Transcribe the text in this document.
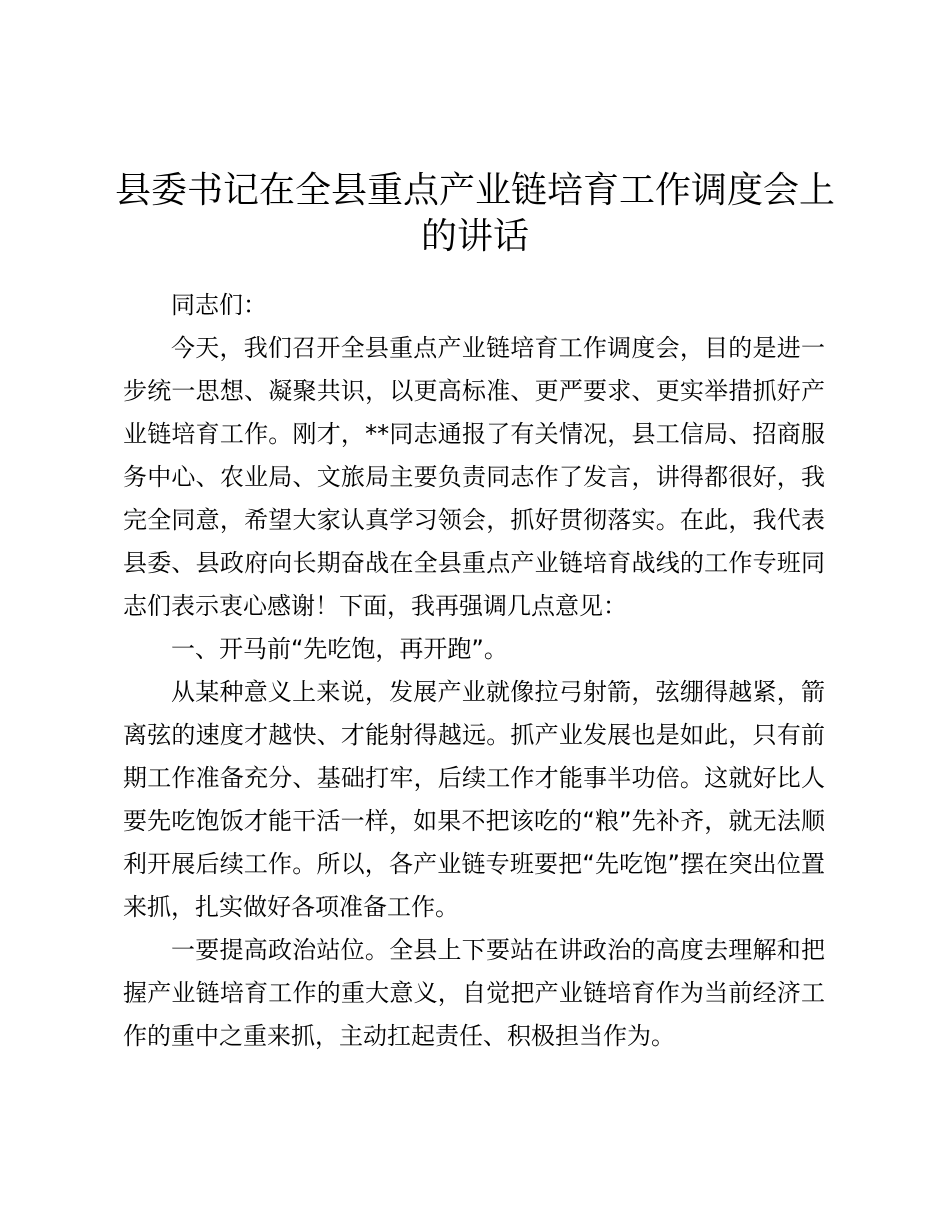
县委书记在全县重点产业链培育工作调度会上
的讲话

同志们：

今天，我们召开全县重点产业链培育工作调度会，目的是进一步统一思想、凝聚共识，以更高标准、更严要求、更实举措抓好产业链培育工作。刚才，**同志通报了有关情况，县工信局、招商服务中心、农业局、文旅局主要负责同志作了发言，讲得都很好，我完全同意，希望大家认真学习领会，抓好贯彻落实。在此，我代表县委、县政府向长期奋战在全县重点产业链培育战线的工作专班同志们表示衷心感谢！下面，我再强调几点意见：

一、开马前“先吃饱，再开跑”。

从某种意义上来说，发展产业就像拉弓射箭，弦绷得越紧，箭离弦的速度才越快、才能射得越远。抓产业发展也是如此，只有前期工作准备充分、基础打牢，后续工作才能事半功倍。这就好比人要先吃饱饭才能干活一样，如果不把该吃的“粮”先补齐，就无法顺利开展后续工作。所以，各产业链专班要把“先吃饱”摆在突出位置来抓，扎实做好各项准备工作。

一要提高政治站位。全县上下要站在讲政治的高度去理解和把握产业链培育工作的重大意义，自觉把产业链培育作为当前经济工作的重中之重来抓，主动扛起责任、积极担当作为。
